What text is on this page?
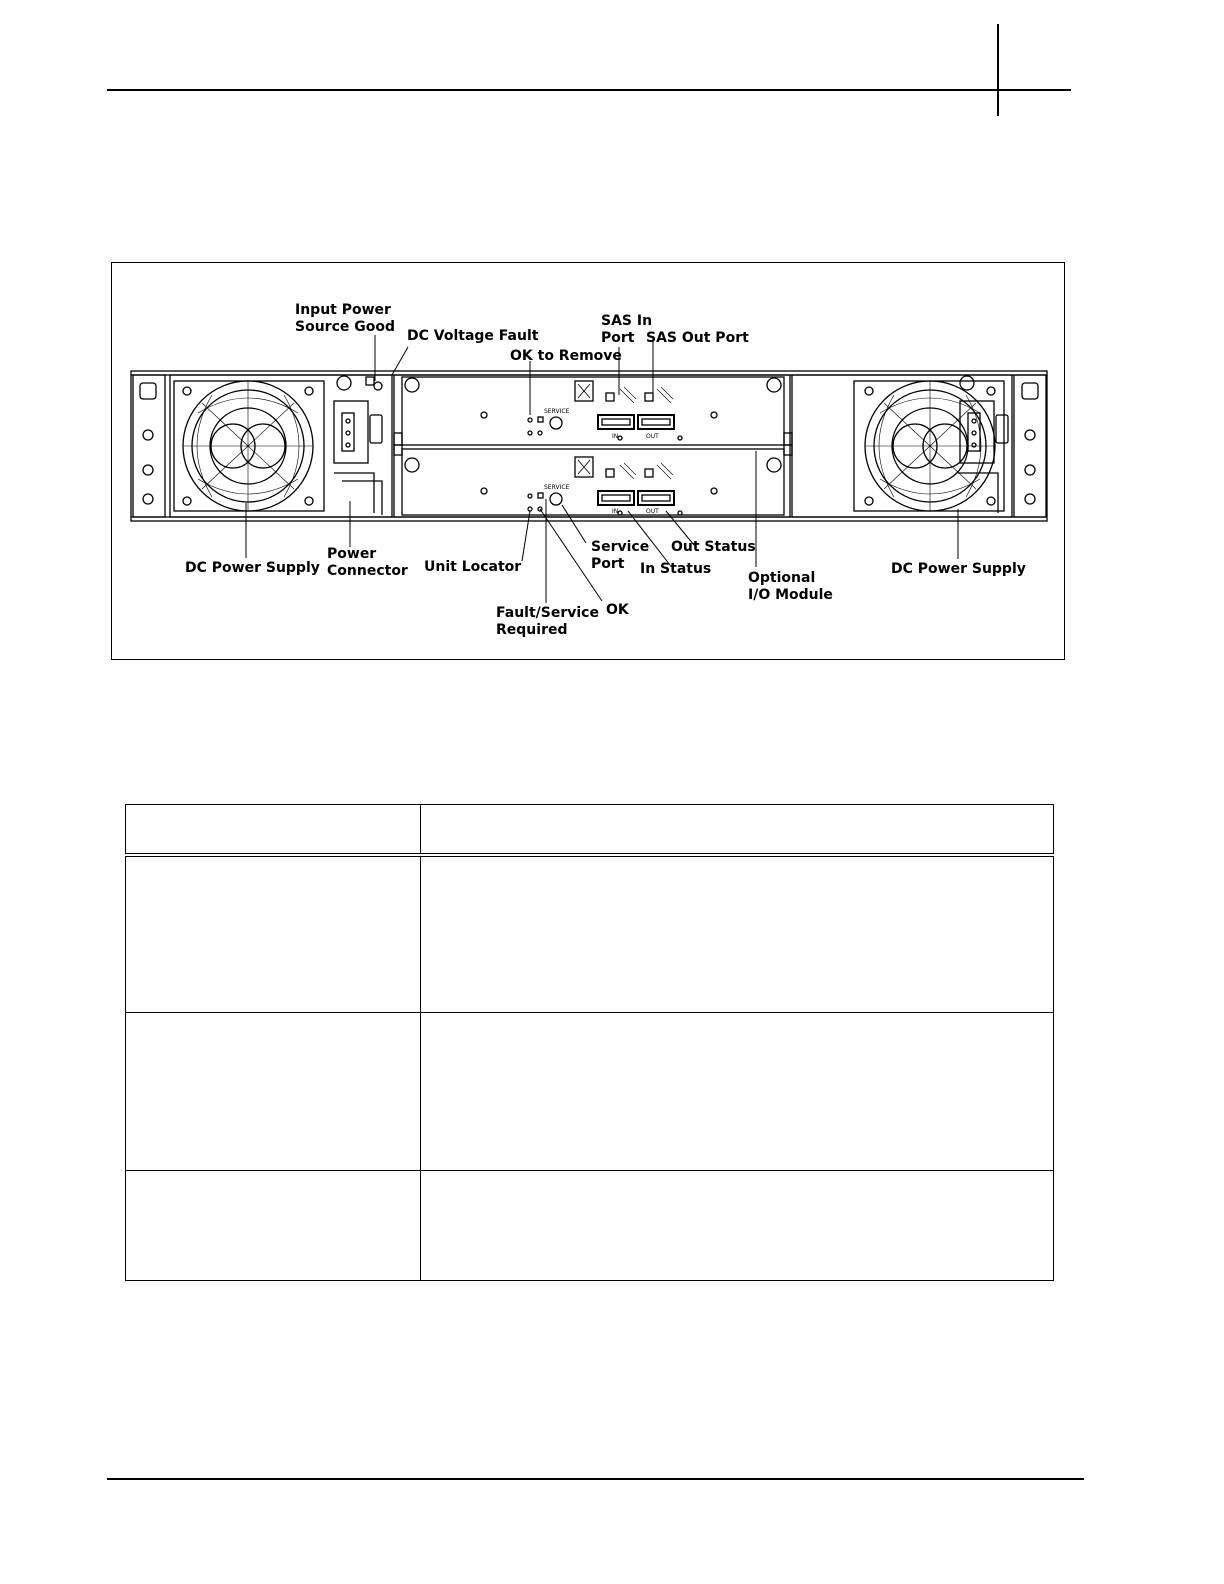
SERVICE
IN	OUT
SERVICE
IN	OUT
Input Power
Source Good
DC Voltage Fault
OK to Remove
SAS In
Port SAS Out Port
DC Power Supply
Power
Connector Unit Locator
Service
Port	In Status
Out Status
Optional
I/O Module
DC Power Supply
Fault/Service
Required
OK
